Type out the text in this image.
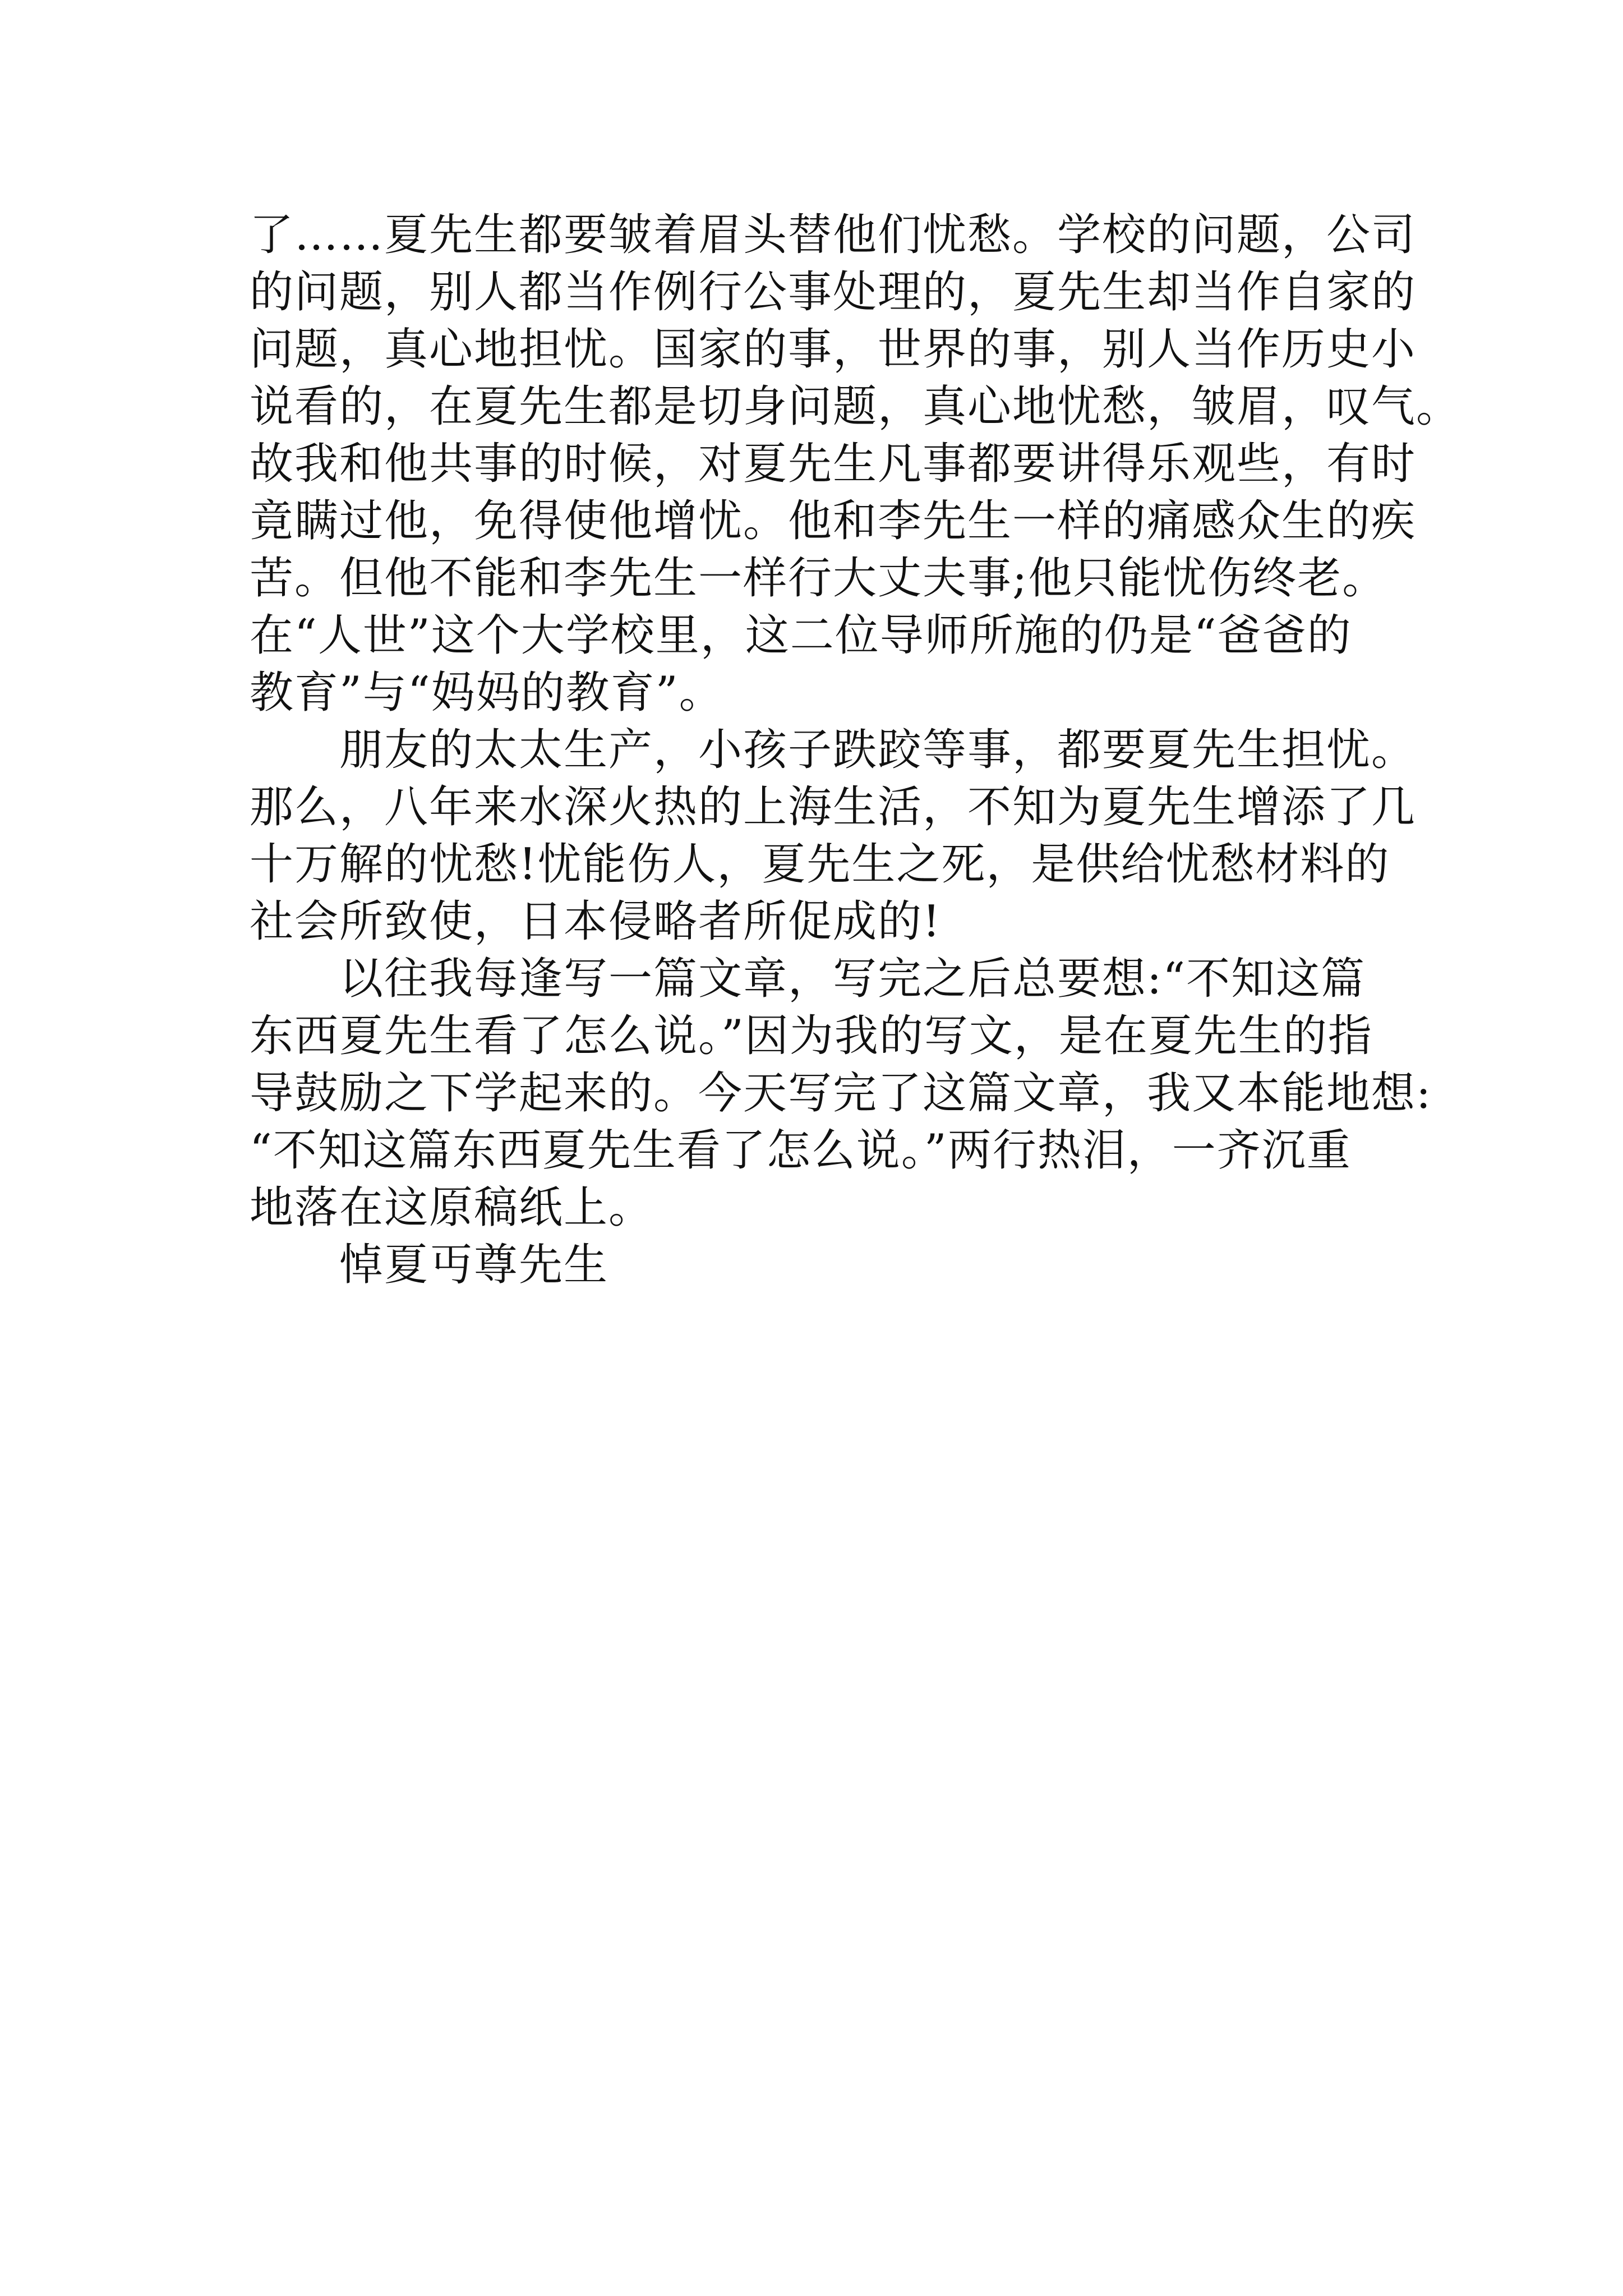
了……夏先生都要皱着眉头替他们忧愁。学校的问题，公司
的问题，别人都当作例行公事处理的，夏先生却当作自家的
问题，真心地担忧。国家的事，世界的事，别人当作历史小
说看的，在夏先生都是切身问题，真心地忧愁，皱眉，叹气。
故我和他共事的时候，对夏先生凡事都要讲得乐观些，有时
竟瞒过他，免得使他增忧。他和李先生一样的痛感众生的疾
苦。但他不能和李先生一样行大丈夫事;他只能忧伤终老。
在“人世”这个大学校里，这二位导师所施的仍是“爸爸的
教育”与“妈妈的教育”。
　　朋友的太太生产，小孩子跌跤等事，都要夏先生担忧。
那么，八年来水深火热的上海生活，不知为夏先生增添了几
十万解的忧愁!忧能伤人，夏先生之死，是供给忧愁材料的
社会所致使，日本侵略者所促成的!
　　以往我每逢写一篇文章，写完之后总要想:“不知这篇
东西夏先生看了怎么说。”因为我的写文，是在夏先生的指
导鼓励之下学起来的。今天写完了这篇文章，我又本能地想:
“不知这篇东西夏先生看了怎么说。”两行热泪，一齐沉重
地落在这原稿纸上。
　　悼夏丏尊先生
